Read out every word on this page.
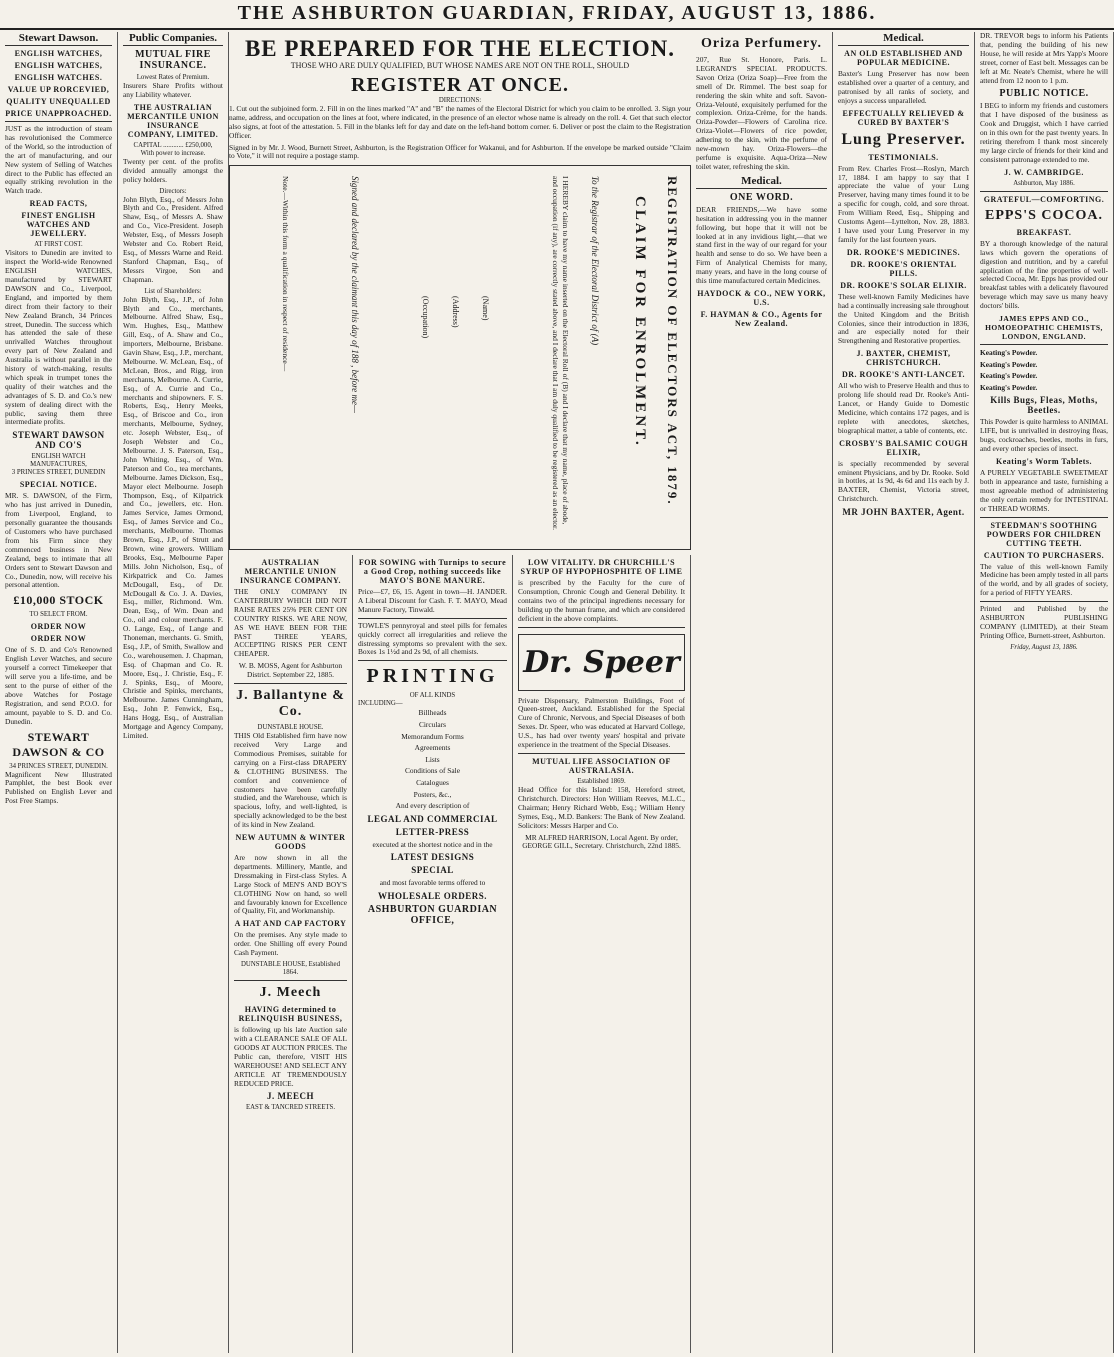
THE ASHBURTON GUARDIAN, FRIDAY, AUGUST 13, 1886.
Stewart Dawson.
ENGLISH WATCHES,
ENGLISH WATCHES,
ENGLISH WATCHES.
VALUE UP RORCEVIED,
QUALITY UNEQUALLED
PRICE UNAPPROACHED.

JUST as the introduction of steam has revolutionised the Commerce of the World, so the introduction of the art of manufacturing, and our New system of Selling of Watches direct to the Public has effected an equally striking revolution in the Watch trade.

READ FACTS,
FINEST ENGLISH WATCHES AND JEWELLERY.
AT FIRST COST.

Visitors to Dunedin are invited to inspect the World-wide Renowned ENGLISH WATCHES, manufactured by STEWART DAWSON and Co., Liverpool, England, and imported by them direct from their factory to their New Zealand Branch, 34 Princes street, Dunedin. The success which has attended the sale of these unrivalled Watches throughout every part of New Zealand and Australia is without parallel in the history of watch-making, results which speak in trumpet tones the quality of their watches and the advantages of S. D. and Co.'s new system of dealing direct with the public, saving them three intermediate profits.

STEWART DAWSON AND CO'S
ENGLISH WATCH MANUFACTURES,
3 PRINCES STREET, DUNEDIN
SPECIAL NOTICE.

MR. S. DAWSON, of the Firm, who has just arrived in Dunedin, from Liverpool, England, to personally guarantee the thousands of Customers who have purchased from his Firm since they commenced business in New Zealand, begs to intimate that all Orders sent to Stewart Dawson and Co., Dunedin, now, will receive his personal attention.

£10,000 STOCK
TO SELECT FROM.
ORDER NOW
ORDER NOW

One of S. D. and Co's Renowned English Lever Watches, and secure yourself a correct Timekeeper that will serve you a life-time, and be sent to the purse of either of the above Watches for Postage Registration, and send P.O.O. for amount, payable to S. D. and Co. Dunedin.

STEWART DAWSON & CO
34 PRINCES STREET, DUNEDIN.

Magnificent New Illustrated Pamphlet, the best Book ever Published on English Lever and Post Free Stamps.

Public Companies.
MUTUAL FIRE INSURANCE.
Lowest Rates of Premium.

Insurers Share Profits without any Liability whatever.

THE AUSTRALIAN MERCANTILE UNION INSURANCE COMPANY, LIMITED.
CAPITAL ............ £250,000,
With power to increase.

Twenty per cent. of the profits divided annually amongst the policy holders.

Directors:

John Blyth, Esq., of Messrs John Blyth and Co., President. Alfred Shaw, Esq., of Messrs A. Shaw and Co., Vice-President. Joseph Webster, Esq., of Messrs Joseph Webster and Co. Robert Reid, Esq., of Messrs Warne and Reid. Stanford Chapman, Esq., of Messrs Virgoe, Son and Chapman.

List of Shareholders:

John Blyth, Esq., J.P., of John Blyth and Co., merchants, Melbourne. Alfred Shaw, Esq., Wm. Hughes, Esq., Matthew Gill, Esq., of A. Shaw and Co., importers, Melbourne, Brisbane. Gavin Shaw, Esq., J.P., merchant, Melbourne. W. McLean, Esq., of McLean, Bros., and Rigg, iron merchants, Melbourne. A. Currie, Esq., of A. Currie and Co., merchants and shipowners. F. S. Roberts, Esq., Henry Meeks, Esq., of Briscoe and Co., iron merchants, Melbourne, Sydney, etc. Joseph Webster, Esq., of Joseph Webster and Co., Melbourne. J. S. Paterson, Esq., John Whiting, Esq., of Wm. Paterson and Co., tea merchants, Melbourne. James Dickson, Esq., Mayor elect Melbourne. Joseph Thompson, Esq., of Kilpatrick and Co., jewellers, etc. Hon. James Service, James Ormond, Esq., of James Service and Co., merchants, Melbourne. Thomas Brown, Esq., J.P., of Strutt and Brown, wine growers. William Brooks, Esq., Melbourne Paper Mills. John Nicholson, Esq., of Kirkpatrick and Co. James McDougall, Esq., of Dr. McDougall & Co. J. A. Davies, Esq., miller, Richmond. Wm. Dean, Esq., of Wm. Dean and Co., oil and colour merchants. F. O. Lange, Esq., of Lange and Thoneman, merchants. G. Smith, Esq., J.P., of Smith, Swallow and Co., warehousemen. J. Chapman, Esq. of Chapman and Co. R. Moore, Esq., J. Christie, Esq., F. J. Spinks, Esq., of Moore, Christie and Spinks, merchants, Melbourne. James Cunningham, Esq., John P. Fenwick, Esq., Hans Hogg, Esq., of Australian Mortgage and Agency Company, Limited.

BE PREPARED FOR THE ELECTION.

THOSE WHO ARE DULY QUALIFIED, BUT WHOSE NAMES ARE NOT ON THE ROLL, SHOULD

REGISTER AT ONCE.
DIRECTIONS:

1. Cut out the subjoined form. 2. Fill in on the lines marked "A" and "B" the names of the Electoral District for which you claim to be enrolled. 3. Sign your name, address, and occupation on the lines at foot, where indicated, in the presence of an elector whose name is already on the roll. 4. Get that such elector also signs, at foot of the attestation. 5. Fill in the blanks left for day and date on the left-hand bottom corner. 6. Deliver or post the claim to the Registration Officer.

Signed in by Mr. J. Wood, Burnett Street, Ashburton, is the Registration Officer for Wakanui, and for Ashburton. If the envelope be marked outside "Claim to Vote," it will not require a postage stamp.

REGISTRATION OF ELECTORS ACT, 1879.
CLAIM FOR ENROLMENT.
To the Registrar of the Electoral District of (A)
I HEREBY claim to have my name inserted on the Electoral Roll of (B) and I declare that my name, place of abode, and occupation (if any), are correctly stated above, and I declare that I am duly qualified to be registered as an elector.
(Name)
(Address)
(Occupation)
Signed and declared by the claimant this day of 188 , before me—
Note.—Within this form a qualification in respect of residence—
AUSTRALIAN MERCANTILE UNION INSURANCE COMPANY.

THE ONLY COMPANY IN CANTERBURY WHICH DID NOT RAISE RATES 25% PER CENT ON COUNTRY RISKS. WE ARE NOW, AS WE HAVE BEEN FOR THE PAST THREE YEARS, ACCEPTING RISKS PER CENT CHEAPER.

W. B. MOSS, Agent for Ashburton District. September 22, 1885.

J. Ballantyne & Co.
DUNSTABLE HOUSE.

THIS Old Established firm have now received Very Large and Commodious Premises, suitable for carrying on a First-class DRAPERY & CLOTHING BUSINESS. The comfort and convenience of customers have been carefully studied, and the Warehouse, which is spacious, lofty, and well-lighted, is specially acknowledged to be the best of its kind in New Zealand.

NEW AUTUMN & WINTER GOODS

Are now shown in all the departments. Millinery, Mantle, and Dressmaking in First-class Styles. A Large Stock of MEN'S AND BOY'S CLOTHING Now on hand, so well and favourably known for Excellence of Quality, Fit, and Workmanship.

A HAT AND CAP FACTORY

On the premises. Any style made to order. One Shilling off every Pound Cash Payment.

DUNSTABLE HOUSE, Established 1864.
J. Meech
HAVING determined to RELINQUISH BUSINESS,

is following up his late Auction sale with a CLEARANCE SALE OF ALL GOODS AT AUCTION PRICES. The Public can, therefore, VISIT HIS WAREHOUSE! AND SELECT ANY ARTICLE AT TREMENDOUSLY REDUCED PRICE.

J. MEECH
EAST & TANCRED STREETS.
FOR SOWING with Turnips to secure a Good Crop, nothing succeeds like MAYO'S BONE MANURE.

Price—£7, £6, 15. Agent in town—H. JANDER. A Liberal Discount for Cash. F. T. MAYO, Mead Manure Factory, Tinwald.

TOWLE'S pennyroyal and steel pills for females quickly correct all irregularities and relieve the distressing symptoms so prevalent with the sex. Boxes 1s 1½d and 2s 9d, of all chemists.

PRINTING
OF ALL KINDS
INCLUDING—
Billheads
Circulars
Memorandum Forms
Agreements
Lists
Conditions of Sale
Catalogues
Posters, &c.,
And every description of
LEGAL AND COMMERCIAL
LETTER-PRESS
executed at the shortest notice and in the
LATEST DESIGNS
SPECIAL
and most favorable terms offered to
WHOLESALE ORDERS.
ASHBURTON GUARDIAN OFFICE,
LOW VITALITY. DR CHURCHILL'S SYRUP OF HYPOPHOSPHITE OF LIME

is prescribed by the Faculty for the cure of Consumption, Chronic Cough and General Debility. It contains two of the principal ingredients necessary for building up the human frame, and which are considered deficient in the above complaints.

Dr. Speer

Private Dispensary, Palmerston Buildings, Foot of Queen-street, Auckland. Established for the Special Cure of Chronic, Nervous, and Special Diseases of both Sexes. Dr. Speer, who was educated at Harvard College, U.S., has had over twenty years' hospital and private experience in the treatment of the Special Diseases.

MUTUAL LIFE ASSOCIATION OF AUSTRALASIA.
Established 1869.

Head Office for this Island: 158, Hereford street, Christchurch. Directors: Hon William Reeves, M.L.C., Chairman; Henry Richard Webb, Esq.; William Henry Symes, Esq., M.D. Bankers: The Bank of New Zealand. Solicitors: Messrs Harper and Co.

MR ALFRED HARRISON, Local Agent. By order, GEORGE GILL, Secretary. Christchurch, 22nd 1885.

Oriza Perfumery.

207, Rue St. Honore, Paris. L. LEGRAND'S SPECIAL PRODUCTS. Savon Oriza (Oriza Soap)—Free from the smell of Dr. Rimmel. The best soap for rendering the skin white and soft. Savon-Oriza-Velouté, exquisitely perfumed for the complexion. Oriza-Crème, for the hands. Oriza-Powder—Flowers of Carolina rice. Oriza-Violet—Flowers of rice powder, adhering to the skin, with the perfume of new-mown hay. Oriza-Flowers—the perfume is exquisite. Aqua-Oriza—New toilet water, refreshing the skin.

Medical.
ONE WORD.

DEAR FRIENDS,—We have some hesitation in addressing you in the manner following, but hope that it will not be looked at in any invidious light,—that we stand first in the way of our regard for your health and sense to do so. We have been a Firm of Analytical Chemists for many, many years, and have in the long course of this time manufactured certain Medicines.

HAYDOCK & CO., NEW YORK, U.S.
F. HAYMAN & CO., Agents for New Zealand.
Medical.
AN OLD ESTABLISHED AND POPULAR MEDICINE.

Baxter's Lung Preserver has now been established over a quarter of a century, and patronised by all ranks of society, and enjoys a success unparalleled.

EFFECTUALLY RELIEVED & CURED BY BAXTER'S
Lung Preserver.
TESTIMONIALS.

From Rev. Charles Frost—Roslyn, March 17, 1884. I am happy to say that I appreciate the value of your Lung Preserver, having many times found it to be a specific for cough, cold, and sore throat. From William Reed, Esq., Shipping and Customs Agent—Lyttelton, Nov. 28, 1883. I have used your Lung Preserver in my family for the last fourteen years.

DR. ROOKE'S MEDICINES.
DR. ROOKE'S ORIENTAL PILLS.
DR. ROOKE'S SOLAR ELIXIR.

These well-known Family Medicines have had a continually increasing sale throughout the United Kingdom and the British Colonies, since their introduction in 1836, and are especially noted for their Strengthening and Restorative properties.

J. BAXTER, CHEMIST, CHRISTCHURCH.
DR. ROOKE'S ANTI-LANCET.

All who wish to Preserve Health and thus to prolong life should read Dr. Rooke's Anti-Lancet, or Handy Guide to Domestic Medicine, which contains 172 pages, and is replete with anecdotes, sketches, biographical matter, a table of contents, etc.

CROSBY'S BALSAMIC COUGH ELIXIR,

is specially recommended by several eminent Physicians, and by Dr. Rooke. Sold in bottles, at 1s 9d, 4s 6d and 11s each by J. BAXTER, Chemist, Victoria street, Christchurch.

MR JOHN BAXTER, Agent.

DR. TREVOR begs to inform his Patients that, pending the building of his new House, he will reside at Mrs Yapp's Moore street, corner of East belt. Messages can be left at Mr. Neate's Chemist, where he will attend from 12 noon to 1 p.m.

PUBLIC NOTICE.

I BEG to inform my friends and customers that I have disposed of the business as Cook and Druggist, which I have carried on in this own for the past twenty years. In retiring therefrom I thank most sincerely my large circle of friends for their kind and consistent patronage extended to me.

J. W. CAMBRIDGE.
Ashburton, May 1886.
GRATEFUL—COMFORTING.
EPPS'S COCOA.
BREAKFAST.

BY a thorough knowledge of the natural laws which govern the operations of digestion and nutrition, and by a careful application of the fine properties of well-selected Cocoa, Mr. Epps has provided our breakfast tables with a delicately flavoured beverage which may save us many heavy doctors' bills.

JAMES EPPS AND CO., HOMOEOPATHIC CHEMISTS, LONDON, ENGLAND.
Keating's Powder.
Keating's Powder.
Keating's Powder.
Keating's Powder.
Kills Bugs, Fleas, Moths, Beetles.

This Powder is quite harmless to ANIMAL LIFE, but is unrivalled in destroying fleas, bugs, cockroaches, beetles, moths in furs, and every other species of insect.

Keating's Worm Tablets.

A PURELY VEGETABLE SWEETMEAT both in appearance and taste, furnishing a most agreeable method of administering the only certain remedy for INTESTINAL or THREAD WORMS.

STEEDMAN'S SOOTHING POWDERS FOR CHILDREN CUTTING TEETH.
CAUTION TO PURCHASERS.

The value of this well-known Family Medicine has been amply tested in all parts of the world, and by all grades of society, for a period of FIFTY YEARS.

Printed and Published by the ASHBURTON PUBLISHING COMPANY (LIMITED), at their Steam Printing Office, Burnett-street, Ashburton.

Friday, August 13, 1886.
